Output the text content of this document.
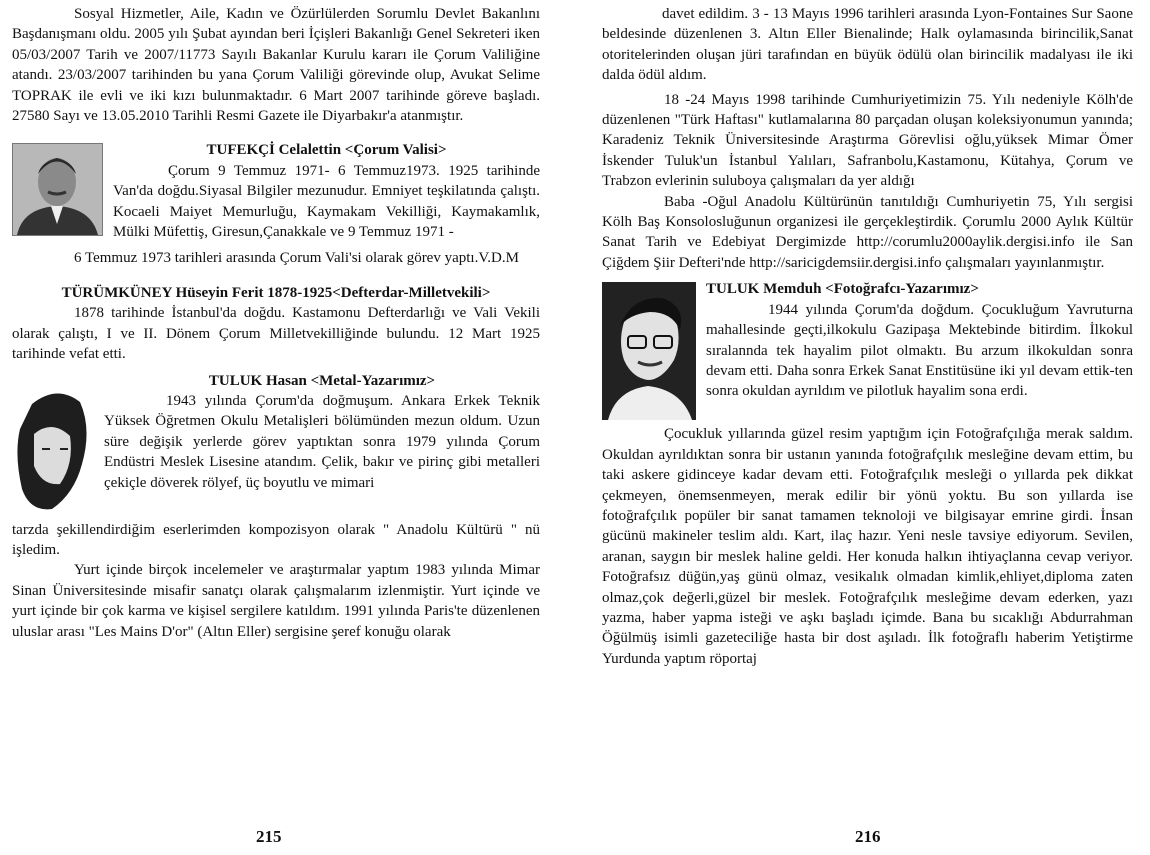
Sosyal Hizmetler, Aile, Kadın ve Özürlülerden Sorumlu Devlet Bakanlını Başdanışmanı oldu. 2005 yılı Şubat ayından beri İçişleri Bakanlığı Genel Sekreteri iken 05/03/2007 Tarih ve 2007/11773 Sayılı Bakanlar Kurulu kararı ile Çorum Valiliğine atandı. 23/03/2007 tarihinden bu yana Çorum Valiliği görevinde olup, Avukat Selime TOPRAK ile evli ve iki kızı bulunmaktadır. 6 Mart 2007 tarihinde göreve başladı. 27580 Sayı ve 13.05.2010 Tarihli Resmi Gazete ile Diyarbakır'a atanmıştır.

TUFEKÇİ Celalettin <Çorum Valisi>

Çorum 9 Temmuz 1971- 6 Temmuz1973. 1925 tarihinde Van'da doğdu.Siyasal Bilgiler mezunudur. Emniyet teşkilatında çalıştı. Kocaeli Maiyet Memurluğu, Kaymakam Vekilliği, Kaymakamlık, Mülki Müfettiş, Giresun,Çanakkale ve 9 Temmuz 1971 -

6 Temmuz 1973 tarihleri arasında Çorum Vali'si olarak görev yaptı.V.D.M

TÜRÜMKÜNEY Hüseyin Ferit 1878-1925<Defterdar-Milletvekili>

1878 tarihinde İstanbul'da doğdu. Kastamonu Defterdarlığı ve Vali Vekili olarak çalıştı, I ve II. Dönem Çorum Milletvekilliğinde bulundu. 12 Mart 1925 tarihinde vefat etti.

TULUK Hasan <Metal-Yazarımız>

1943 yılında Çorum'da doğmuşum. Ankara Erkek Teknik Yüksek Öğretmen Okulu Metalişleri bölümünden mezun oldum. Uzun süre değişik yerlerde görev yaptıktan sonra 1979 yılında Çorum Endüstri Meslek Lisesine atandım. Çelik, bakır ve pirinç gibi metalleri çekiçle döverek rölyef, üç boyutlu ve mimari

tarzda şekillendirdiğim eserlerimden kompozisyon olarak " Anadolu Kültürü " nü işledim.

Yurt içinde birçok incelemeler ve araştırmalar yaptım 1983 yılında Mimar Sinan Üniversitesinde misafir sanatçı olarak çalışmalarım izlenmiştir. Yurt içinde ve yurt içinde bir çok karma ve kişisel sergilere katıldım. 1991 yılında Paris'te düzenlenen uluslar arası "Les Mains D'or" (Altın Eller) sergisine şeref konuğu olarak

215

davet edildim. 3 - 13 Mayıs 1996 tarihleri arasında Lyon-Fontaines Sur Saone beldesinde düzenlenen 3. Altın Eller Bienalinde; Halk oylamasında birincilik,Sanat otoritelerinden oluşan jüri tarafından en büyük ödülü olan birincilik madalyası ile iki dalda ödül aldım.

18 -24 Mayıs 1998 tarihinde Cumhuriyetimizin 75. Yılı nedeniyle Kölh'de düzenlenen "Türk Haftası" kutlamalarına 80 parçadan oluşan koleksiyonumun yanında; Karadeniz Teknik Üniversitesinde Araştırma Görevlisi oğlu,yüksek Mimar Ömer İskender Tuluk'un İstanbul Yalıları, Safranbolu,Kastamonu, Kütahya, Çorum ve Trabzon evlerinin suluboya çalışmaları da yer aldığı

Baba -Oğul Anadolu Kültürünün tanıtıldığı Cumhuriyetin 75, Yılı sergisi Kölh Baş Konsolosluğunun organizesi ile gerçekleştirdik. Çorumlu 2000 Aylık Kültür Sanat Tarih ve Edebiyat Dergimizde http://corumlu2000aylik.dergisi.info ile San Çiğdem Şiir Defteri'nde http://saricigdemsiir.dergisi.info çalışmaları yayınlanmıştır.

TULUK Memduh <Fotoğrafcı-Yazarımız>

1944 yılında Çorum'da doğdum. Çocukluğum Yavruturna mahallesinde geçti,ilkokulu Gazipaşa Mektebinde bitirdim. İlkokul sıralannda tek hayalim pilot olmaktı. Bu arzum ilkokuldan sonra devam etti. Daha sonra Erkek Sanat Enstitüsüne iki yıl devam ettik-ten sonra okuldan ayrıldım ve pilotluk hayalim sona erdi.

Çocukluk yıllarında güzel resim yaptığım için Fotoğrafçılığa merak saldım. Okuldan ayrıldıktan sonra bir ustanın yanında fotoğrafçılık mesleğine devam ettim, bu taki askere gidinceye kadar devam etti. Fotoğrafçılık mesleği o yıllarda pek dikkat çekmeyen, önemsenmeyen, merak edilir bir yönü yoktu. Bu son yıllarda ise fotoğrafçılık popüler bir sanat tamamen teknoloji ve bilgisayar emrine girdi. İnsan gücünü makineler teslim aldı. Kart, ilaç hazır. Yeni nesle tavsiye ediyorum. Sevilen, aranan, saygın bir meslek haline geldi. Her konuda halkın ihtiyaçlanna cevap veriyor. Fotoğrafsız düğün,yaş günü olmaz, vesikalık olmadan kimlik,ehliyet,diploma zaten olmaz,çok değerli,güzel bir meslek. Fotoğrafçılık mesleğime devam ederken, yazı yazma, haber yapma isteği ve aşkı başladı içimde. Bana bu sıcaklığı Abdurrahman Öğülmüş isimli gazeteciliğe hasta bir dost aşıladı. İlk fotoğraflı haberim Yetiştirme Yurdunda yaptım röportaj

216
